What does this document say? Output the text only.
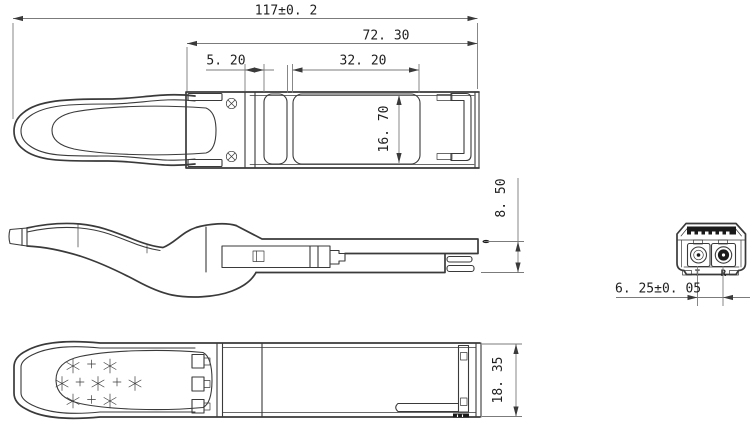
T R
117±0. 2
72. 30
5. 20	32. 20
16. 70
8. 50
18. 35
6. 25±0. 05
